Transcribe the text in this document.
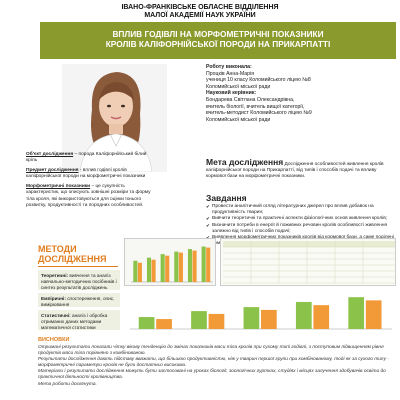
ІВАНО-ФРАНКІВСЬКЕ ОБЛАСНЕ ВІДДІЛЕННЯ
МАЛОЇ АКАДЕМІЇ НАУК УКРАЇНИ
ВПЛИВ ГОДІВЛІ НА МОРФОМЕТРИЧНІ ПОКАЗНИКИ
КРОЛІВ КАЛІФОРНІЙСЬКОЇ ПОРОДИ НА ПРИКАРПАТТІ
Роботу виконала:
Процків Анна-Марія
учениця 10 класу Коломийського ліцею №8
Коломийської міської ради
Науковий керівник:
Бондарева Світлана Олександрівна,
вчитель біології, вчитель вищої категорії,
вчитель-методист Коломийського ліцею №9
Коломийської міської ради

Об'єкт дослідження – порода Каліфорнійський білий кріль

Предмет дослідження - вплив годівлі кролів каліфорнійської породи на морфометричні показники

Морфометричні показники – це сукупність характеристик, що описують зовнішні розміри та форму тіла кроля, які використовуються для оцінки їхнього розвитку, продуктивності та породних особливостей.

Мета дослідження Дослідження особливостей живлення кролів каліфорнійської породи на Прикарпатті, від типів і способів подачі та впливу кормової бази на морфометричні показники.
Завдання
✔ Провести аналітичний огляд літературних джерел про вплив добавок на продуктивність тварин;
✔ Вивчити теоретичні та практичні аспекти фізіологічних основ живлення кролів;
✔ Визначити потреби в енергії й поживних речовин кролів особливості живлення залежно від типів і способів подачі;
✔
МЕТОДИ
ДОСЛІДЖЕННЯ
Теоретичні: вивчення та аналіз навчально-методичних посібників і синтез результатів досліджень
Емпіричні: спостереження, опис, вимірювання
Статистичні: аналіз і обробка отриманих даних методами математичної статистики
ВИСНОВКИ
Отримані результати показали чітку вікову тенденцію до змінах показників маси тіла кролів при сухому типі годівлі, з поступовим підвищенням рівня продуктів маси тіла порівняно з комбінованою.
Результати дослідження дають підставу вважати, що більшою продуктивністю, ніж у тварин першої групи при комбінованому, тоді як за сухого типу - морфометричні параметри кролів не були достатньо високими.
Матеріали і результати дослідження можуть бути застосовані на уроках біології, зоологічних гуртках, студіях і місцях залучення здобувачів освіти до практичної діяльності кролівництва.
Мета роботи досягнута.
